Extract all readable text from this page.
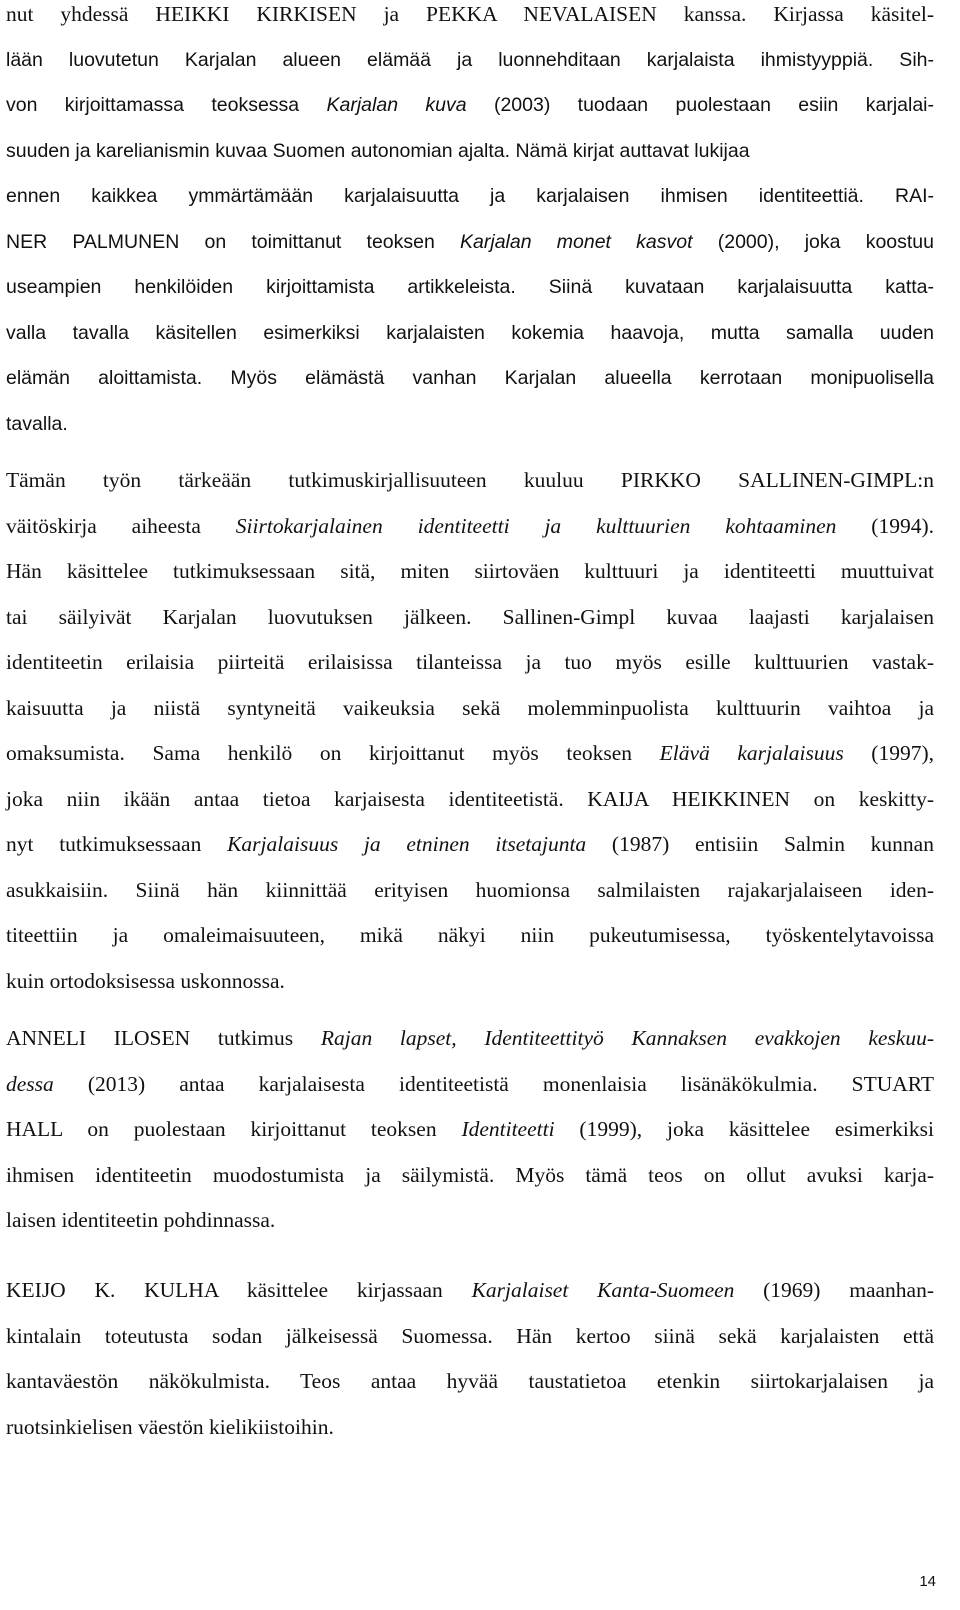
nut yhdessä HEIKKI KIRKISEN ja PEKKA NEVALAISEN kanssa. Kirjassa käsitel-
lään luovutetun Karjalan alueen elämää ja luonnehditaan karjalaista ihmistyyppiä. Sih-
von kirjoittamassa teoksessa Karjalan kuva (2003) tuodaan puolestaan esiin karjalai-
suuden ja karelianismin kuvaa Suomen autonomian ajalta. Nämä kirjat auttavat lukijaa
ennen kaikkea ymmärtämään karjalaisuutta ja karjalaisen ihmisen identiteettiä. RAI-
NER PALMUNEN on toimittanut teoksen Karjalan monet kasvot (2000), joka koostuu
useampien henkilöiden kirjoittamista artikkeleista. Siinä kuvataan karjalaisuutta katta-
valla tavalla käsitellen esimerkiksi karjalaisten kokemia haavoja, mutta samalla uuden
elämän aloittamista. Myös elämästä vanhan Karjalan alueella kerrotaan monipuolisella
tavalla.
Tämän työn tärkeään tutkimuskirjallisuuteen kuuluu PIRKKO SALLINEN-GIMPL:n
väitöskirja aiheesta Siirtokarjalainen identiteetti ja kulttuurien kohtaaminen (1994).
Hän käsittelee tutkimuksessaan sitä, miten siirtoväen kulttuuri ja identiteetti muuttuivat
tai säilyivät Karjalan luovutuksen jälkeen. Sallinen-Gimpl kuvaa laajasti karjalaisen
identiteetin erilaisia piirteitä erilaisissa tilanteissa ja tuo myös esille kulttuurien vastak-
kaisuutta ja niistä syntyneitä vaikeuksia sekä molemminpuolista kulttuurin vaihtoa ja
omaksumista. Sama henkilö on kirjoittanut myös teoksen Elävä karjalaisuus (1997),
joka niin ikään antaa tietoa karjaisesta identiteetistä. KAIJA HEIKKINEN on keskitty-
nyt tutkimuksessaan Karjalaisuus ja etninen itsetajunta (1987) entisiin Salmin kunnan
asukkaisiin. Siinä hän kiinnittää erityisen huomionsa salmilaisten rajakarjalaiseen iden-
titeettiin ja omaleimaisuuteen, mikä näkyi niin pukeutumisessa, työskentelytavoissa
kuin ortodoksisessa uskonnossa.
ANNELI ILOSEN tutkimus Rajan lapset, Identiteettityö Kannaksen evakkojen keskuu-
dessa (2013) antaa karjalaisesta identiteetistä monenlaisia lisänäkökulmia. STUART
HALL on puolestaan kirjoittanut teoksen Identiteetti (1999), joka käsittelee esimerkiksi
ihmisen identiteetin muodostumista ja säilymistä. Myös tämä teos on ollut avuksi karja-
laisen identiteetin pohdinnassa.
KEIJO K. KULHA käsittelee kirjassaan Karjalaiset Kanta-Suomeen (1969) maanhan-
kintalain toteutusta sodan jälkeisessä Suomessa. Hän kertoo siinä sekä karjalaisten että
kantaväestön näkökulmista. Teos antaa hyvää taustatietoa etenkin siirtokarjalaisen ja
ruotsinkielisen väestön kielikiistoihin.
14
